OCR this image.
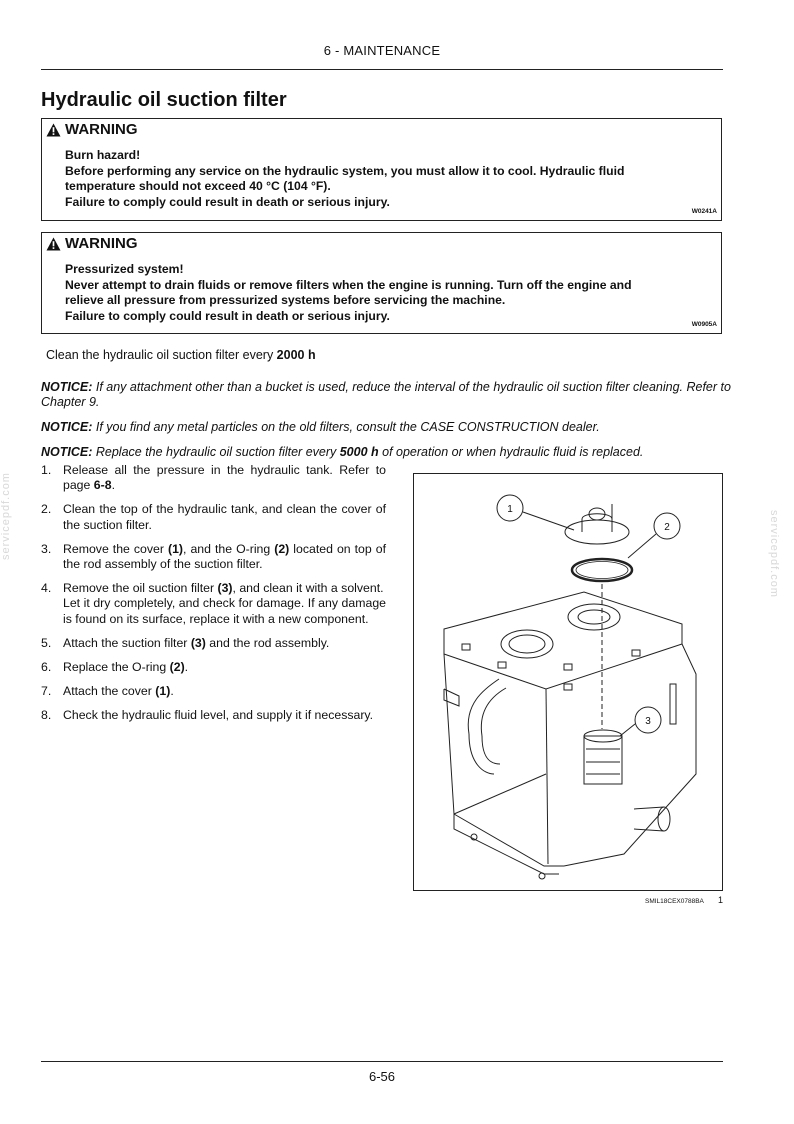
6 - MAINTENANCE
Hydraulic oil suction filter
WARNING
Burn hazard!
Before performing any service on the hydraulic system, you must allow it to cool. Hydraulic fluid
temperature should not exceed 40 °C (104 °F).
Failure to comply could result in death or serious injury.
W0241A
WARNING
Pressurized system!
Never attempt to drain fluids or remove filters when the engine is running. Turn off the engine and
relieve all pressure from pressurized systems before servicing the machine.
Failure to comply could result in death or serious injury.
W0905A
Clean the hydraulic oil suction filter every 2000 h
NOTICE: If any attachment other than a bucket is used, reduce the interval of the hydraulic oil suction filter cleaning. Refer to Chapter 9.
NOTICE: If you find any metal particles on the old filters, consult the CASE CONSTRUCTION dealer.
NOTICE: Replace the hydraulic oil suction filter every 5000 h of operation or when hydraulic fluid is replaced.
1. Release all the pressure in the hydraulic tank. Refer to page 6-8.
2. Clean the top of the hydraulic tank, and clean the cover of the suction filter.
3. Remove the cover (1), and the O-ring (2) located on top of the rod assembly of the suction filter.
4. Remove the oil suction filter (3), and clean it with a solvent.
Let it dry completely, and check for damage. If any damage is found on its surface, replace it with a new component.
5. Attach the suction filter (3) and the rod assembly.
6. Replace the O-ring (2).
7. Attach the cover (1).
8. Check the hydraulic fluid level, and supply it if necessary.
1
2
3
SMIL18CEX0788BA 1
servicepdf.com	servicepdf.com
6-56
